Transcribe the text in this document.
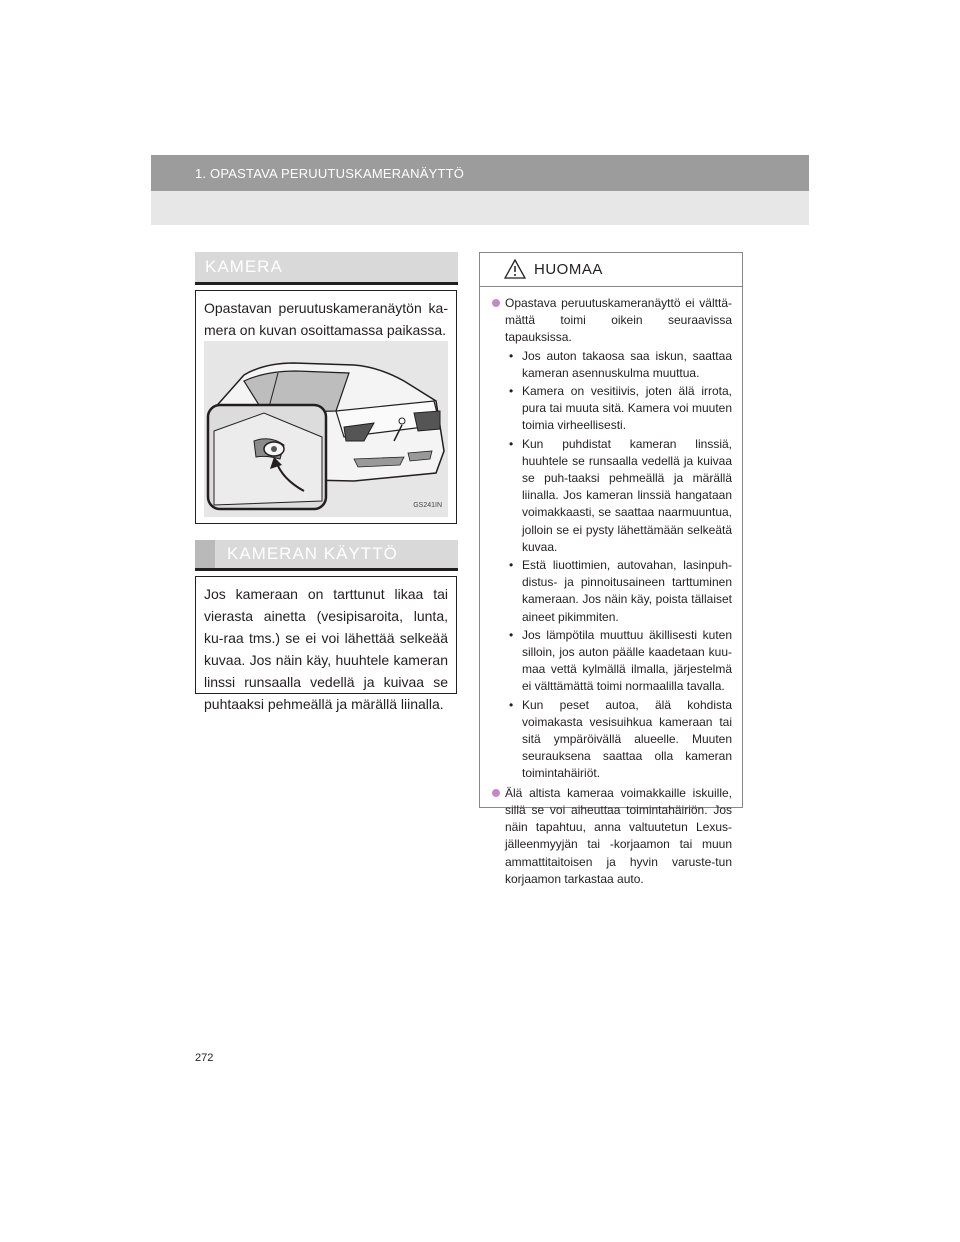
1. OPASTAVA PERUUTUSKAMERANÄYTTÖ
KAMERA
Opastavan peruutuskameranäytön ka-mera on kuvan osoittamassa paikassa.
GS241IN
KAMERAN KÄYTTÖ
Jos kameraan on tarttunut likaa tai vierasta ainetta (vesipisaroita, lunta, ku-raa tms.) se ei voi lähettää selkeää kuvaa. Jos näin käy, huuhtele kameran linssi runsaalla vedellä ja kuivaa se puhtaaksi pehmeällä ja märällä liinalla.
HUOMAA
Opastava peruutuskameranäyttö ei välttä-mättä toimi oikein seuraavissa tapauksissa.
• Jos auton takaosa saa iskun, saattaa kameran asennuskulma muuttua.
• Kamera on vesitiivis, joten älä irrota, pura tai muuta sitä. Kamera voi muuten toimia virheellisesti.
• Kun puhdistat kameran linssiä, huuhtele se runsaalla vedellä ja kuivaa se puh-taaksi pehmeällä ja märällä liinalla. Jos kameran linssiä hangataan voimakkaasti, se saattaa naarmuuntua, jolloin se ei pysty lähettämään selkeätä kuvaa.
• Estä liuottimien, autovahan, lasinpuh-distus- ja pinnoitusaineen tarttuminen kameraan. Jos näin käy, poista tällaiset aineet pikimmiten.
• Jos lämpötila muuttuu äkillisesti kuten silloin, jos auton päälle kaadetaan kuu-maa vettä kylmällä ilmalla, järjestelmä ei välttämättä toimi normaalilla tavalla.
• Kun peset autoa, älä kohdista voimakasta vesisuihkua kameraan tai sitä ympäröivällä alueelle. Muuten seurauksena saattaa olla kameran toimintahäiriöt.
Älä altista kameraa voimakkaille iskuille, sillä se voi aiheuttaa toimintahäiriön. Jos näin tapahtuu, anna valtuutetun Lexus-jälleenmyyjän tai -korjaamon tai muun ammattitaitoisen ja hyvin varuste-tun korjaamon tarkastaa auto.
272
